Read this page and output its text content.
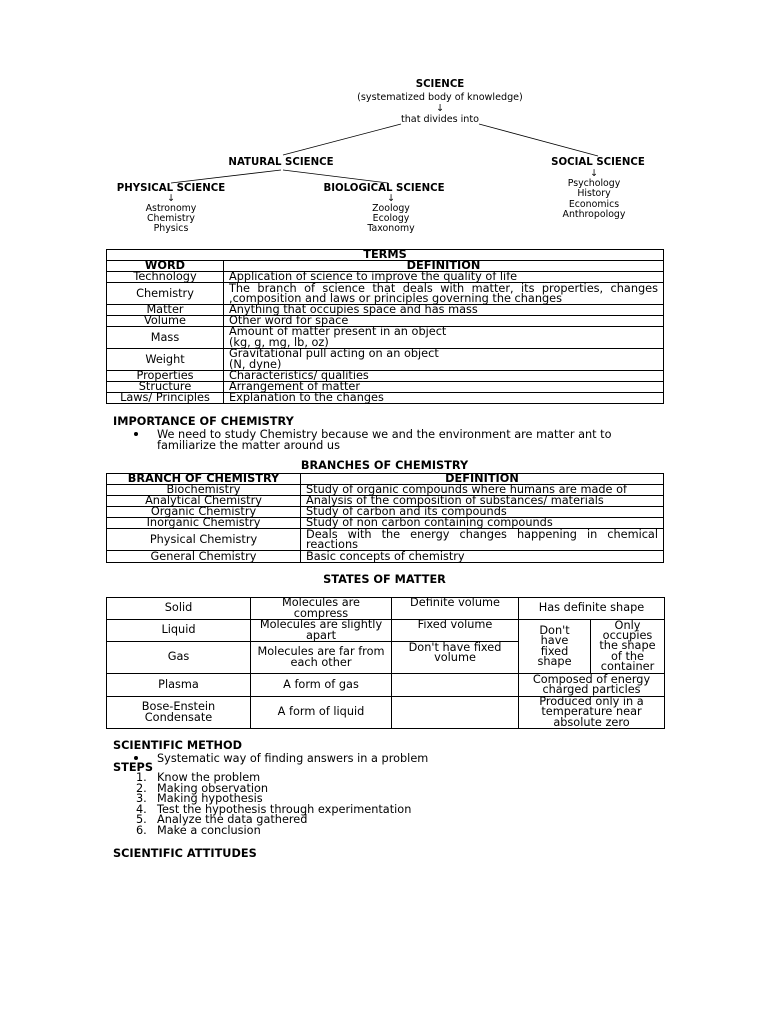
SCIENCE
(systematized body of knowledge)
↓
that divides into
NATURAL SCIENCE	SOCIAL SCIENCE
↓
Psychology
History
Economics
Anthropology
PHYSICAL SCIENCE
↓
Astronomy
Chemistry
Physics
BIOLOGICAL SCIENCE
↓
Zoology
Ecology
Taxonomy
TERMS	
WORD	DEFINITION
Technology	Application of science to improve the quality of life
Chemistry	The branch of science that deals with matter, its properties, changes ,composition and laws or principles governing the changes
Matter	Anything that occupies space and has mass
Volume	Other word for space
Mass	Amount of matter present in an object
(kg, g, mg, lb, oz)
Weight	Gravitational pull acting on an object
(N, dyne)
Properties	Characteristics/ qualities
Structure	Arrangement of matter
Laws/ Principles	Explanation to the changes
IMPORTANCE OF CHEMISTRY
We need to study Chemistry because we and the environment are matter ant to familiarize the matter around us
BRANCHES OF CHEMISTRY
BRANCH OF CHEMISTRY	DEFINITION
Biochemistry	Study of organic compounds where humans are made of
Analytical Chemistry	Analysis of the composition of substances/ materials
Organic Chemistry	Study of carbon and its compounds
Inorganic Chemistry	Study of non carbon containing compounds
Physical Chemistry	Deals with the energy changes happening in chemical reactions
General Chemistry	Basic concepts of chemistry
STATES OF MATTER
Solid	Molecules are compress	Definite volume	Has definite shape	
Liquid	Molecules are slightly apart	Fixed volume	Don't have fixed shape	Only occupies the shape of the container
Gas	Molecules are far from each other	Don't have fixed volume		
Plasma	A form of gas		Composed of energy charged particles	
Bose-Enstein Condensate	A form of liquid		Produced only in a temperature near absolute zero	
SCIENTIFIC METHOD
Systematic way of finding answers in a problem
STEPS
1. Know the problem
2. Making observation
3. Making hypothesis
4. Test the hypothesis through experimentation
5. Analyze the data gathered
6. Make a conclusion
SCIENTIFIC ATTITUDES
